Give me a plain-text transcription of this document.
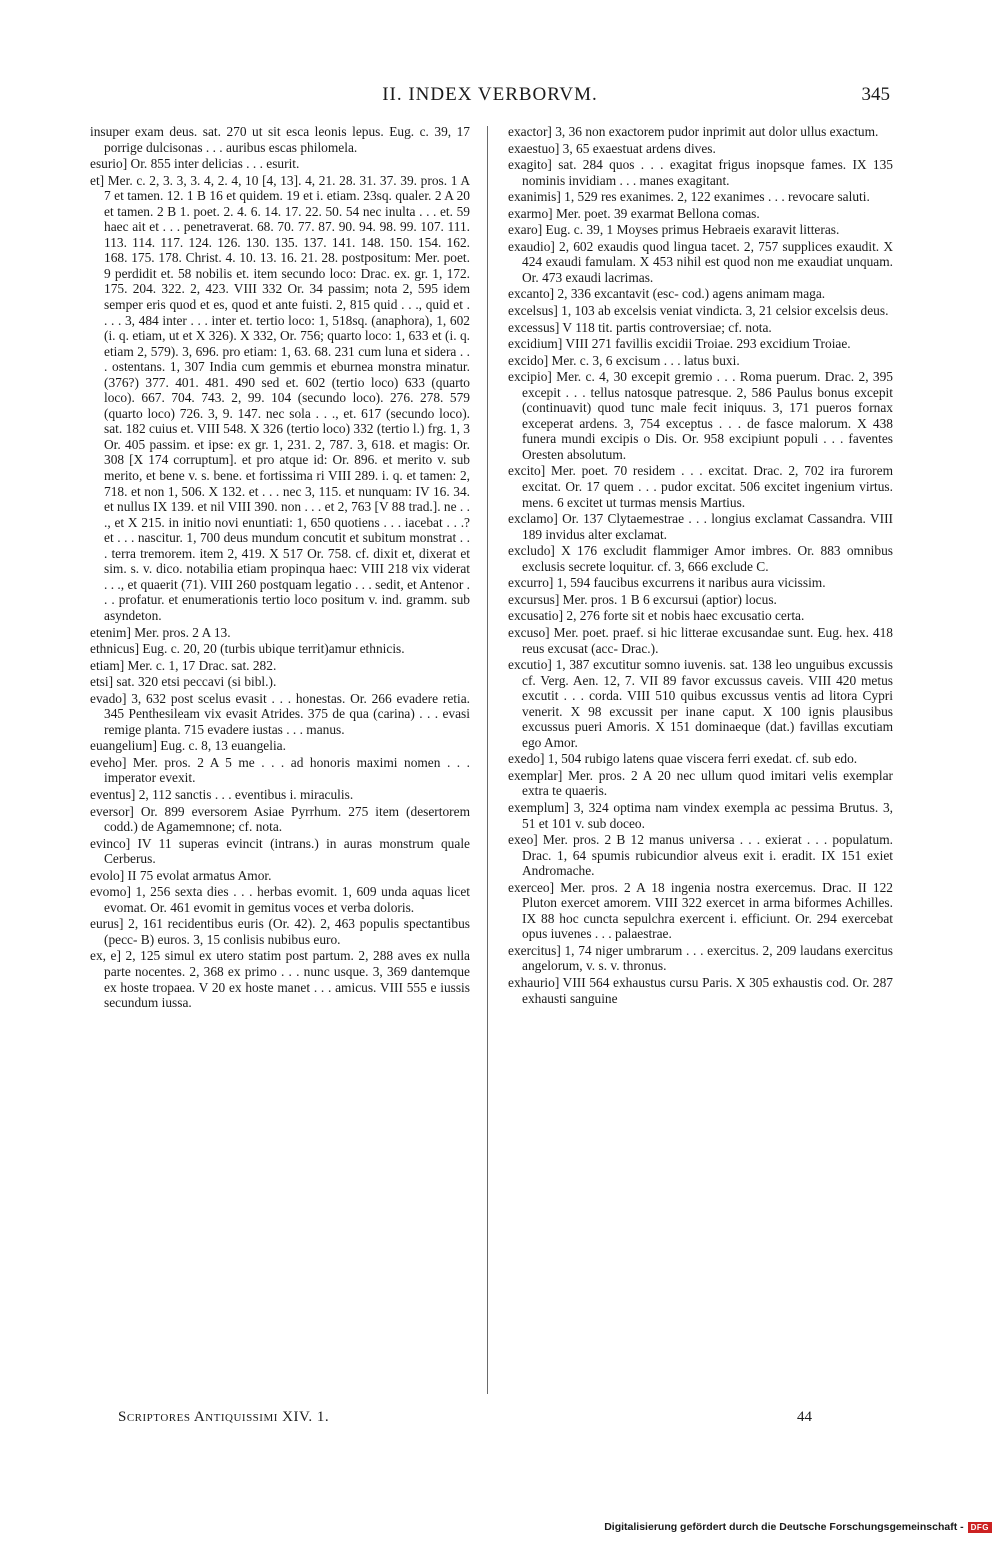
II. INDEX VERBORVM.	345

insuper exam deus. sat. 270 ut sit esca leonis lepus. Eug. c. 39, 17 porrige dulcisonas . . . auribus escas philomela.

esurio] Or. 855 inter delicias . . . esurit.

et] Mer. c. 2, 3. 3, 3. 4, 2. 4, 10 [4, 13]. 4, 21. 28. 31. 37. 39. pros. 1 A 7 et tamen. 12. 1 B 16 et quidem. 19 et i. etiam. 23sq. qualer. 2 A 20 et tamen. 2 B 1. poet. 2. 4. 6. 14. 17. 22. 50. 54 nec inulta . . . et. 59 haec ait et . . . penetraverat. 68. 70. 77. 87. 90. 94. 98. 99. 107. 111. 113. 114. 117. 124. 126. 130. 135. 137. 141. 148. 150. 154. 162. 168. 175. 178. Christ. 4. 10. 13. 16. 21. 28. postpositum: Mer. poet. 9 perdidit et. 58 nobilis et. item secundo loco: Drac. ex. gr. 1, 172. 175. 204. 322. 2, 423. VIII 332 Or. 34 passim; nota 2, 595 idem semper eris quod et es, quod et ante fuisti. 2, 815 quid . . ., quid et . . . . 3, 484 inter . . . inter et. tertio loco: 1, 518sq. (anaphora), 1, 602 (i. q. etiam, ut et X 326). X 332, Or. 756; quarto loco: 1, 633 et (i. q. etiam 2, 579). 3, 696. pro etiam: 1, 63. 68. 231 cum luna et sidera . . . ostentans. 1, 307 India cum gemmis et eburnea monstra minatur. (376?) 377. 401. 481. 490 sed et. 602 (tertio loco) 633 (quarto loco). 667. 704. 743. 2, 99. 104 (secundo loco). 276. 278. 579 (quarto loco) 726. 3, 9. 147. nec sola . . ., et. 617 (secundo loco). sat. 182 cuius et. VIII 548. X 326 (tertio loco) 332 (tertio l.) frg. 1, 3 Or. 405 passim. et ipse: ex gr. 1, 231. 2, 787. 3, 618. et magis: Or. 308 [X 174 corruptum]. et pro atque id: Or. 896. et merito v. sub merito, et bene v. s. bene. et fortissima ri VIII 289. i. q. et tamen: 2, 718. et non 1, 506. X 132. et . . . nec 3, 115. et nunquam: IV 16. 34. et nullus IX 139. et nil VIII 390. non . . . et 2, 763 [V 88 trad.]. ne . . ., et X 215. in initio novi enuntiati: 1, 650 quotiens . . . iacebat . . .? et . . . nascitur. 1, 700 deus mundum concutit et subitum monstrat . . . terra tremorem. item 2, 419. X 517 Or. 758. cf. dixit et, dixerat et sim. s. v. dico. notabilia etiam propinqua haec: VIII 218 vix viderat . . ., et quaerit (71). VIII 260 postquam legatio . . . sedit, et Antenor . . . profatur. et enumerationis tertio loco positum v. ind. gramm. sub asyndeton.

etenim] Mer. pros. 2 A 13.

ethnicus] Eug. c. 20, 20 (turbis ubique territ)amur ethnicis.

etiam] Mer. c. 1, 17 Drac. sat. 282.

etsi] sat. 320 etsi peccavi (si bibl.).

evado] 3, 632 post scelus evasit . . . honestas. Or. 266 evadere retia. 345 Penthesileam vix evasit Atrides. 375 de qua (carina) . . . evasi remige planta. 715 evadere iustas . . . manus.

euangelium] Eug. c. 8, 13 euangelia.

eveho] Mer. pros. 2 A 5 me . . . ad honoris maximi nomen . . . imperator evexit.

eventus] 2, 112 sanctis . . . eventibus i. miraculis.

eversor] Or. 899 eversorem Asiae Pyrrhum. 275 item (desertorem codd.) de Agamemnone; cf. nota.

evinco] IV 11 superas evincit (intrans.) in auras monstrum quale Cerberus.

evolo] II 75 evolat armatus Amor.

evomo] 1, 256 sexta dies . . . herbas evomit. 1, 609 unda aquas licet evomat. Or. 461 evomit in gemitus voces et verba doloris.

eurus] 2, 161 recidentibus euris (Or. 42). 2, 463 populis spectantibus (pecc- B) euros. 3, 15 conlisis nubibus euro.

ex, e] 2, 125 simul ex utero statim post partum. 2, 288 aves ex nulla parte nocentes. 2, 368 ex primo . . . nunc usque. 3, 369 dantemque ex hoste tropaea. V 20 ex hoste manet . . . amicus. VIII 555 e iussis secundum iussa.

exactor] 3, 36 non exactorem pudor inprimit aut dolor ullus exactum.

exaestuo] 3, 65 exaestuat ardens dives.

exagito] sat. 284 quos . . . exagitat frigus inopsque fames. IX 135 nominis invidiam . . . manes exagitant.

exanimis] 1, 529 res exanimes. 2, 122 exanimes . . . revocare saluti.

exarmo] Mer. poet. 39 exarmat Bellona comas.

exaro] Eug. c. 39, 1 Moyses primus Hebraeis exaravit litteras.

exaudio] 2, 602 exaudis quod lingua tacet. 2, 757 supplices exaudit. X 424 exaudi famulam. X 453 nihil est quod non me exaudiat unquam. Or. 473 exaudi lacrimas.

excanto] 2, 336 excantavit (esc- cod.) agens animam maga.

excelsus] 1, 103 ab excelsis veniat vindicta. 3, 21 celsior excelsis deus.

excessus] V 118 tit. partis controversiae; cf. nota.

excidium] VIII 271 favillis excidii Troiae. 293 excidium Troiae.

excido] Mer. c. 3, 6 excisum . . . latus buxi.

excipio] Mer. c. 4, 30 excepit gremio . . . Roma puerum. Drac. 2, 395 excepit . . . tellus natosque patresque. 2, 586 Paulus bonus excepit (continuavit) quod tunc male fecit iniquus. 3, 171 pueros fornax exceperat ardens. 3, 754 exceptus . . . de fasce malorum. X 438 funera mundi excipis o Dis. Or. 958 excipiunt populi . . . faventes Oresten absolutum.

excito] Mer. poet. 70 residem . . . excitat. Drac. 2, 702 ira furorem excitat. Or. 17 quem . . . pudor excitat. 506 excitet ingenium virtus. mens. 6 excitet ut turmas mensis Martius.

exclamo] Or. 137 Clytaemestrae . . . longius exclamat Cassandra. VIII 189 invidus alter exclamat.

excludo] X 176 excludit flammiger Amor imbres. Or. 883 omnibus exclusis secrete loquitur. cf. 3, 666 exclude C.

excurro] 1, 594 faucibus excurrens it naribus aura vicissim.

excursus] Mer. pros. 1 B 6 excursui (aptior) locus.

excusatio] 2, 276 forte sit et nobis haec excusatio certa.

excuso] Mer. poet. praef. si hic litterae excusandae sunt. Eug. hex. 418 reus excusat (acc- Drac.).

excutio] 1, 387 excutitur somno iuvenis. sat. 138 leo unguibus excussis cf. Verg. Aen. 12, 7. VII 89 favor excussus caveis. VIII 420 metus excutit . . . corda. VIII 510 quibus excussus ventis ad litora Cypri venerit. X 98 excussit per inane caput. X 100 ignis plausibus excussus pueri Amoris. X 151 dominaeque (dat.) favillas excutiam ego Amor.

exedo] 1, 504 rubigo latens quae viscera ferri exedat. cf. sub edo.

exemplar] Mer. pros. 2 A 20 nec ullum quod imitari velis exemplar extra te quaeris.

exemplum] 3, 324 optima nam vindex exempla ac pessima Brutus. 3, 51 et 101 v. sub doceo.

exeo] Mer. pros. 2 B 12 manus universa . . . exierat . . . populatum. Drac. 1, 64 spumis rubicundior alveus exit i. eradit. IX 151 exiet Andromache.

exerceo] Mer. pros. 2 A 18 ingenia nostra exercemus. Drac. II 122 Pluton exercet amorem. VIII 322 exercet in arma biformes Achilles. IX 88 hoc cuncta sepulchra exercent i. efficiunt. Or. 294 exercebat opus iuvenes . . . palaestrae.

exercitus] 1, 74 niger umbrarum . . . exercitus. 2, 209 laudans exercitus angelorum, v. s. v. thronus.

exhaurio] VIII 564 exhaustus cursu Paris. X 305 exhaustis cod. Or. 287 exhausti sanguine

Scriptores Antiquissimi XIV. 1.	44
Digitalisierung gefördert durch die Deutsche Forschungsgemeinschaft - DFG
